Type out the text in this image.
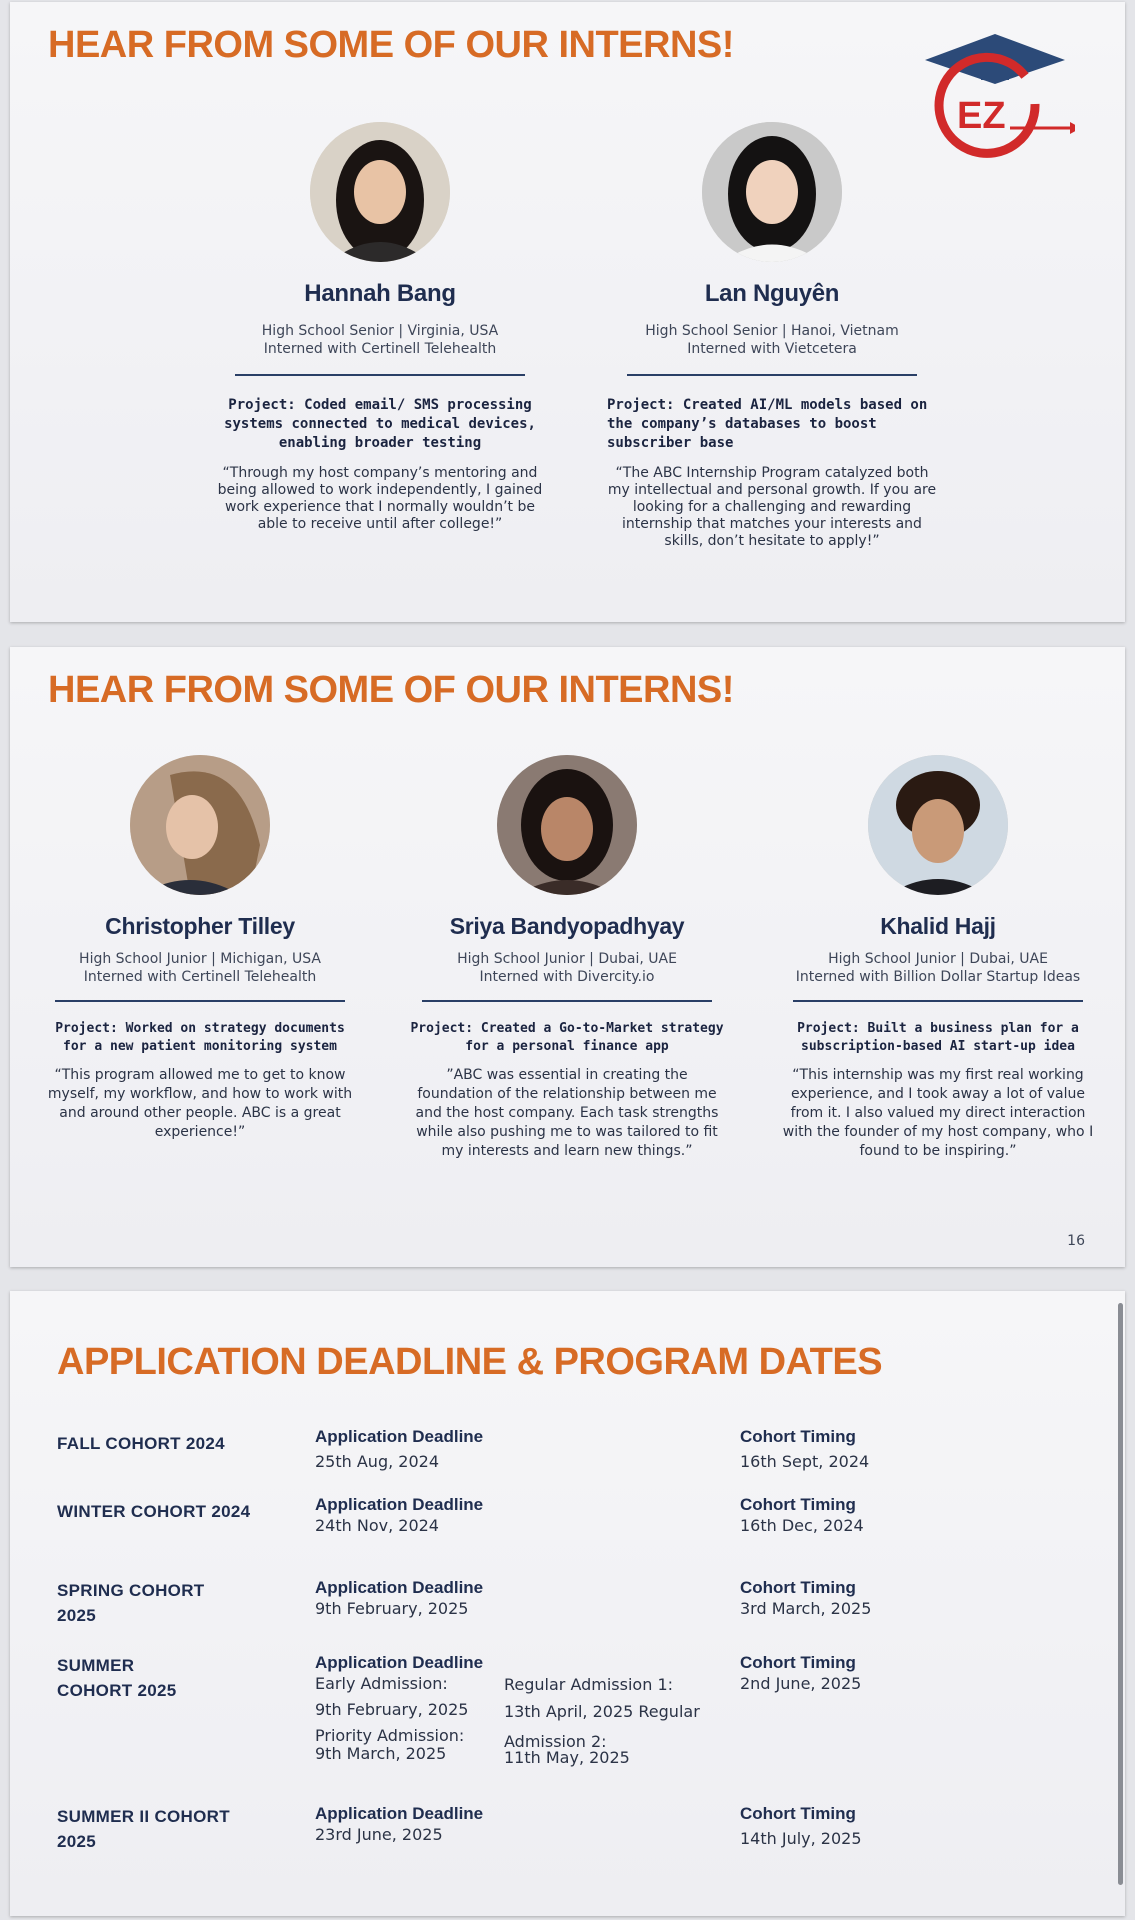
HEAR FROM SOME OF OUR INTERNS!
EZ
Hannah Bang
High School Senior | Virginia, USA
Interned with Certinell Telehealth
Project: Coded email/ SMS processing systems connected to medical devices, enabling broader testing
“Through my host company’s mentoring and being allowed to work independently, I gained work experience that I normally wouldn’t be able to receive until after college!”
Lan Nguyên
High School Senior | Hanoi, Vietnam
Interned with Vietcetera
Project: Created AI/ML models based on the company’s databases to boost subscriber base
“The ABC Internship Program catalyzed both my intellectual and personal growth. If you are looking for a challenging and rewarding internship that matches your interests and skills, don’t hesitate to apply!”
HEAR FROM SOME OF OUR INTERNS!
Christopher Tilley
High School Junior | Michigan, USA
Interned with Certinell Telehealth
Project: Worked on strategy documents for a new patient monitoring system
“This program allowed me to get to know myself, my workflow, and how to work with and around other people. ABC is a great experience!”
Sriya Bandyopadhyay
High School Junior | Dubai, UAE
Interned with Divercity.io
Project: Created a Go-to-Market strategy for a personal finance app
”ABC was essential in creating the foundation of the relationship between me and the host company. Each task strengths while also pushing me to was tailored to fit my interests and learn new things.”
Khalid Hajj
High School Junior | Dubai, UAE
Interned with Billion Dollar Startup Ideas
Project: Built a business plan for a subscription-based AI start-up idea
“This internship was my first real working experience, and I took away a lot of value from it. I also valued my direct interaction with the founder of my host company, who I found to be inspiring.”
16
APPLICATION DEADLINE & PROGRAM DATES
FALL COHORT 2024	Application Deadline
25th Aug, 2024
Cohort Timing
16th Sept, 2024
WINTER COHORT 2024	Application Deadline
24th Nov, 2024
Cohort Timing
16th Dec, 2024
SPRING COHORT 2025
Application Deadline
9th February, 2025
Cohort Timing
3rd March, 2025
SUMMER COHORT 2025
Application Deadline
Early Admission:
9th February, 2025
Priority Admission:
9th March, 2025
Regular Admission 1:
13th April, 2025 Regular
Admission 2:
11th May, 2025
Cohort Timing
2nd June, 2025
SUMMER II COHORT 2025
Application Deadline
23rd June, 2025
Cohort Timing
14th July, 2025
